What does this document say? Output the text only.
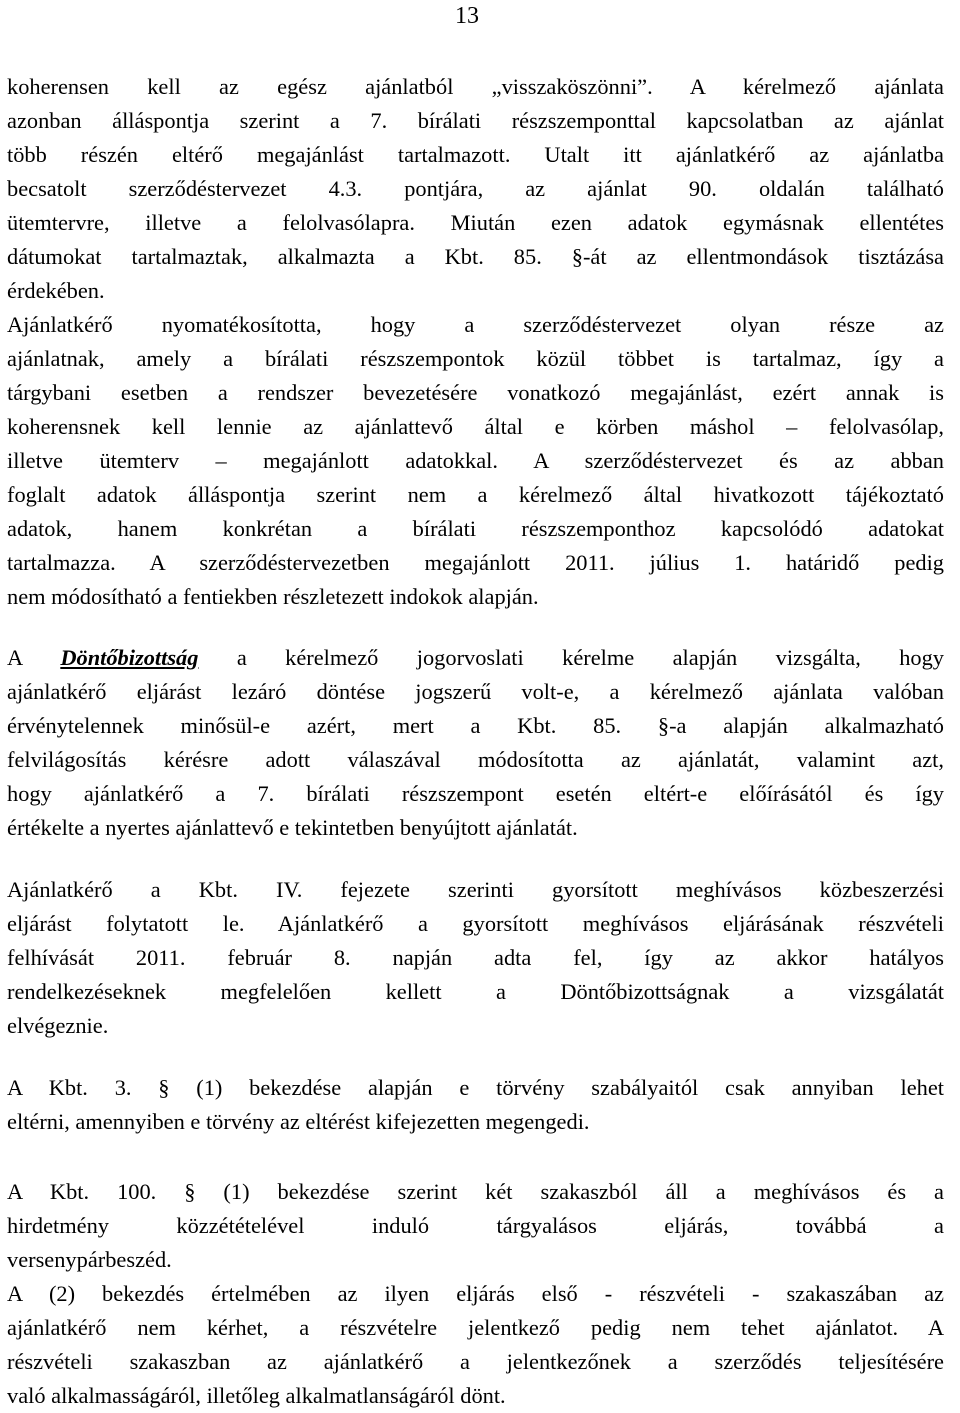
13
koherensen kell az egész ajánlatból „visszaköszönni”. A kérelmező ajánlata
azonban álláspontja szerint a 7. bírálati részszemponttal kapcsolatban az ajánlat
több részén eltérő megajánlást tartalmazott. Utalt itt ajánlatkérő az ajánlatba
becsatolt szerződéstervezet 4.3. pontjára, az ajánlat 90. oldalán található
ütemtervre, illetve a felolvasólapra. Miután ezen adatok egymásnak ellentétes
dátumokat tartalmaztak, alkalmazta a Kbt. 85. §-át az ellentmondások tisztázása
érdekében.
Ajánlatkérő nyomatékosította, hogy a szerződéstervezet olyan része az
ajánlatnak, amely a bírálati részszempontok közül többet is tartalmaz, így a
tárgybani esetben a rendszer bevezetésére vonatkozó megajánlást, ezért annak is
koherensnek kell lennie az ajánlattevő által e körben máshol – felolvasólap,
illetve ütemterv – megajánlott adatokkal. A szerződéstervezet és az abban
foglalt adatok álláspontja szerint nem a kérelmező által hivatkozott tájékoztató
adatok, hanem konkrétan a bírálati részszemponthoz kapcsolódó adatokat
tartalmazza. A szerződéstervezetben megajánlott 2011. július 1. határidő pedig
nem módosítható a fentiekben részletezett indokok alapján.
A Döntőbizottság a kérelmező jogorvoslati kérelme alapján vizsgálta, hogy
ajánlatkérő eljárást lezáró döntése jogszerű volt-e, a kérelmező ajánlata valóban
érvénytelennek minősül-e azért, mert a Kbt. 85. §-a alapján alkalmazható
felvilágosítás kérésre adott válaszával módosította az ajánlatát, valamint azt,
hogy ajánlatkérő a 7. bírálati részszempont esetén eltért-e előírásától és így
értékelte a nyertes ajánlattevő e tekintetben benyújtott ajánlatát.
Ajánlatkérő a Kbt. IV. fejezete szerinti gyorsított meghívásos közbeszerzési
eljárást folytatott le. Ajánlatkérő a gyorsított meghívásos eljárásának részvételi
felhívását 2011. február 8. napján adta fel, így az akkor hatályos
rendelkezéseknek megfelelően kellett a Döntőbizottságnak a vizsgálatát
elvégeznie.
A Kbt. 3. § (1) bekezdése alapján e törvény szabályaitól csak annyiban lehet
eltérni, amennyiben e törvény az eltérést kifejezetten megengedi.
A Kbt. 100. § (1) bekezdése szerint két szakaszból áll a meghívásos és a
hirdetmény közzétételével induló tárgyalásos eljárás, továbbá a
versenypárbeszéd.
A (2) bekezdés értelmében az ilyen eljárás első - részvételi - szakaszában az
ajánlatkérő nem kérhet, a részvételre jelentkező pedig nem tehet ajánlatot. A
részvételi szakaszban az ajánlatkérő a jelentkezőnek a szerződés teljesítésére
való alkalmasságáról, illetőleg alkalmatlanságáról dönt.
